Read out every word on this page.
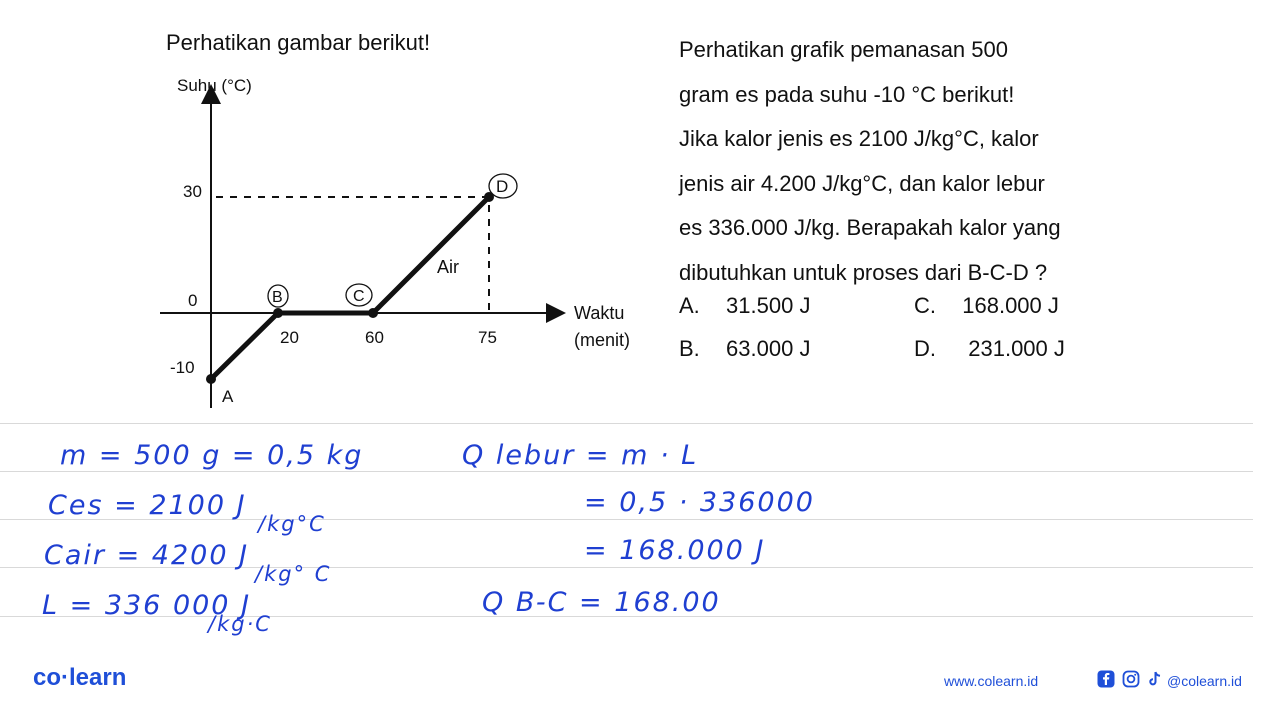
Perhatikan gambar berikut!
Suhu (°C)
30
0
-10
20	60	75
Waktu
(menit)
Air
A
B	C
D
Perhatikan grafik pemanasan 500
gram es pada suhu -10 °C berikut!
Jika kalor jenis es 2100 J/kg°C, kalor
jenis air 4.200 J/kg°C, dan kalor lebur
es 336.000 J/kg. Berapakah kalor yang
dibutuhkan untuk proses dari B-C-D ?
A. 31.500 J
B. 63.000 J
C. 168.000 J
D. 231.000 J
m = 500 g = 0,5 kg
Ces = 2100 J
/kg°C
Cair = 4200 J
/kg° C
L = 336 000 J
/kg·C
Q lebur = m · L
= 0,5 · 336000
= 168.000 J
Q B-C = 168.00
co·learn	www.colearn.id	@colearn.id
